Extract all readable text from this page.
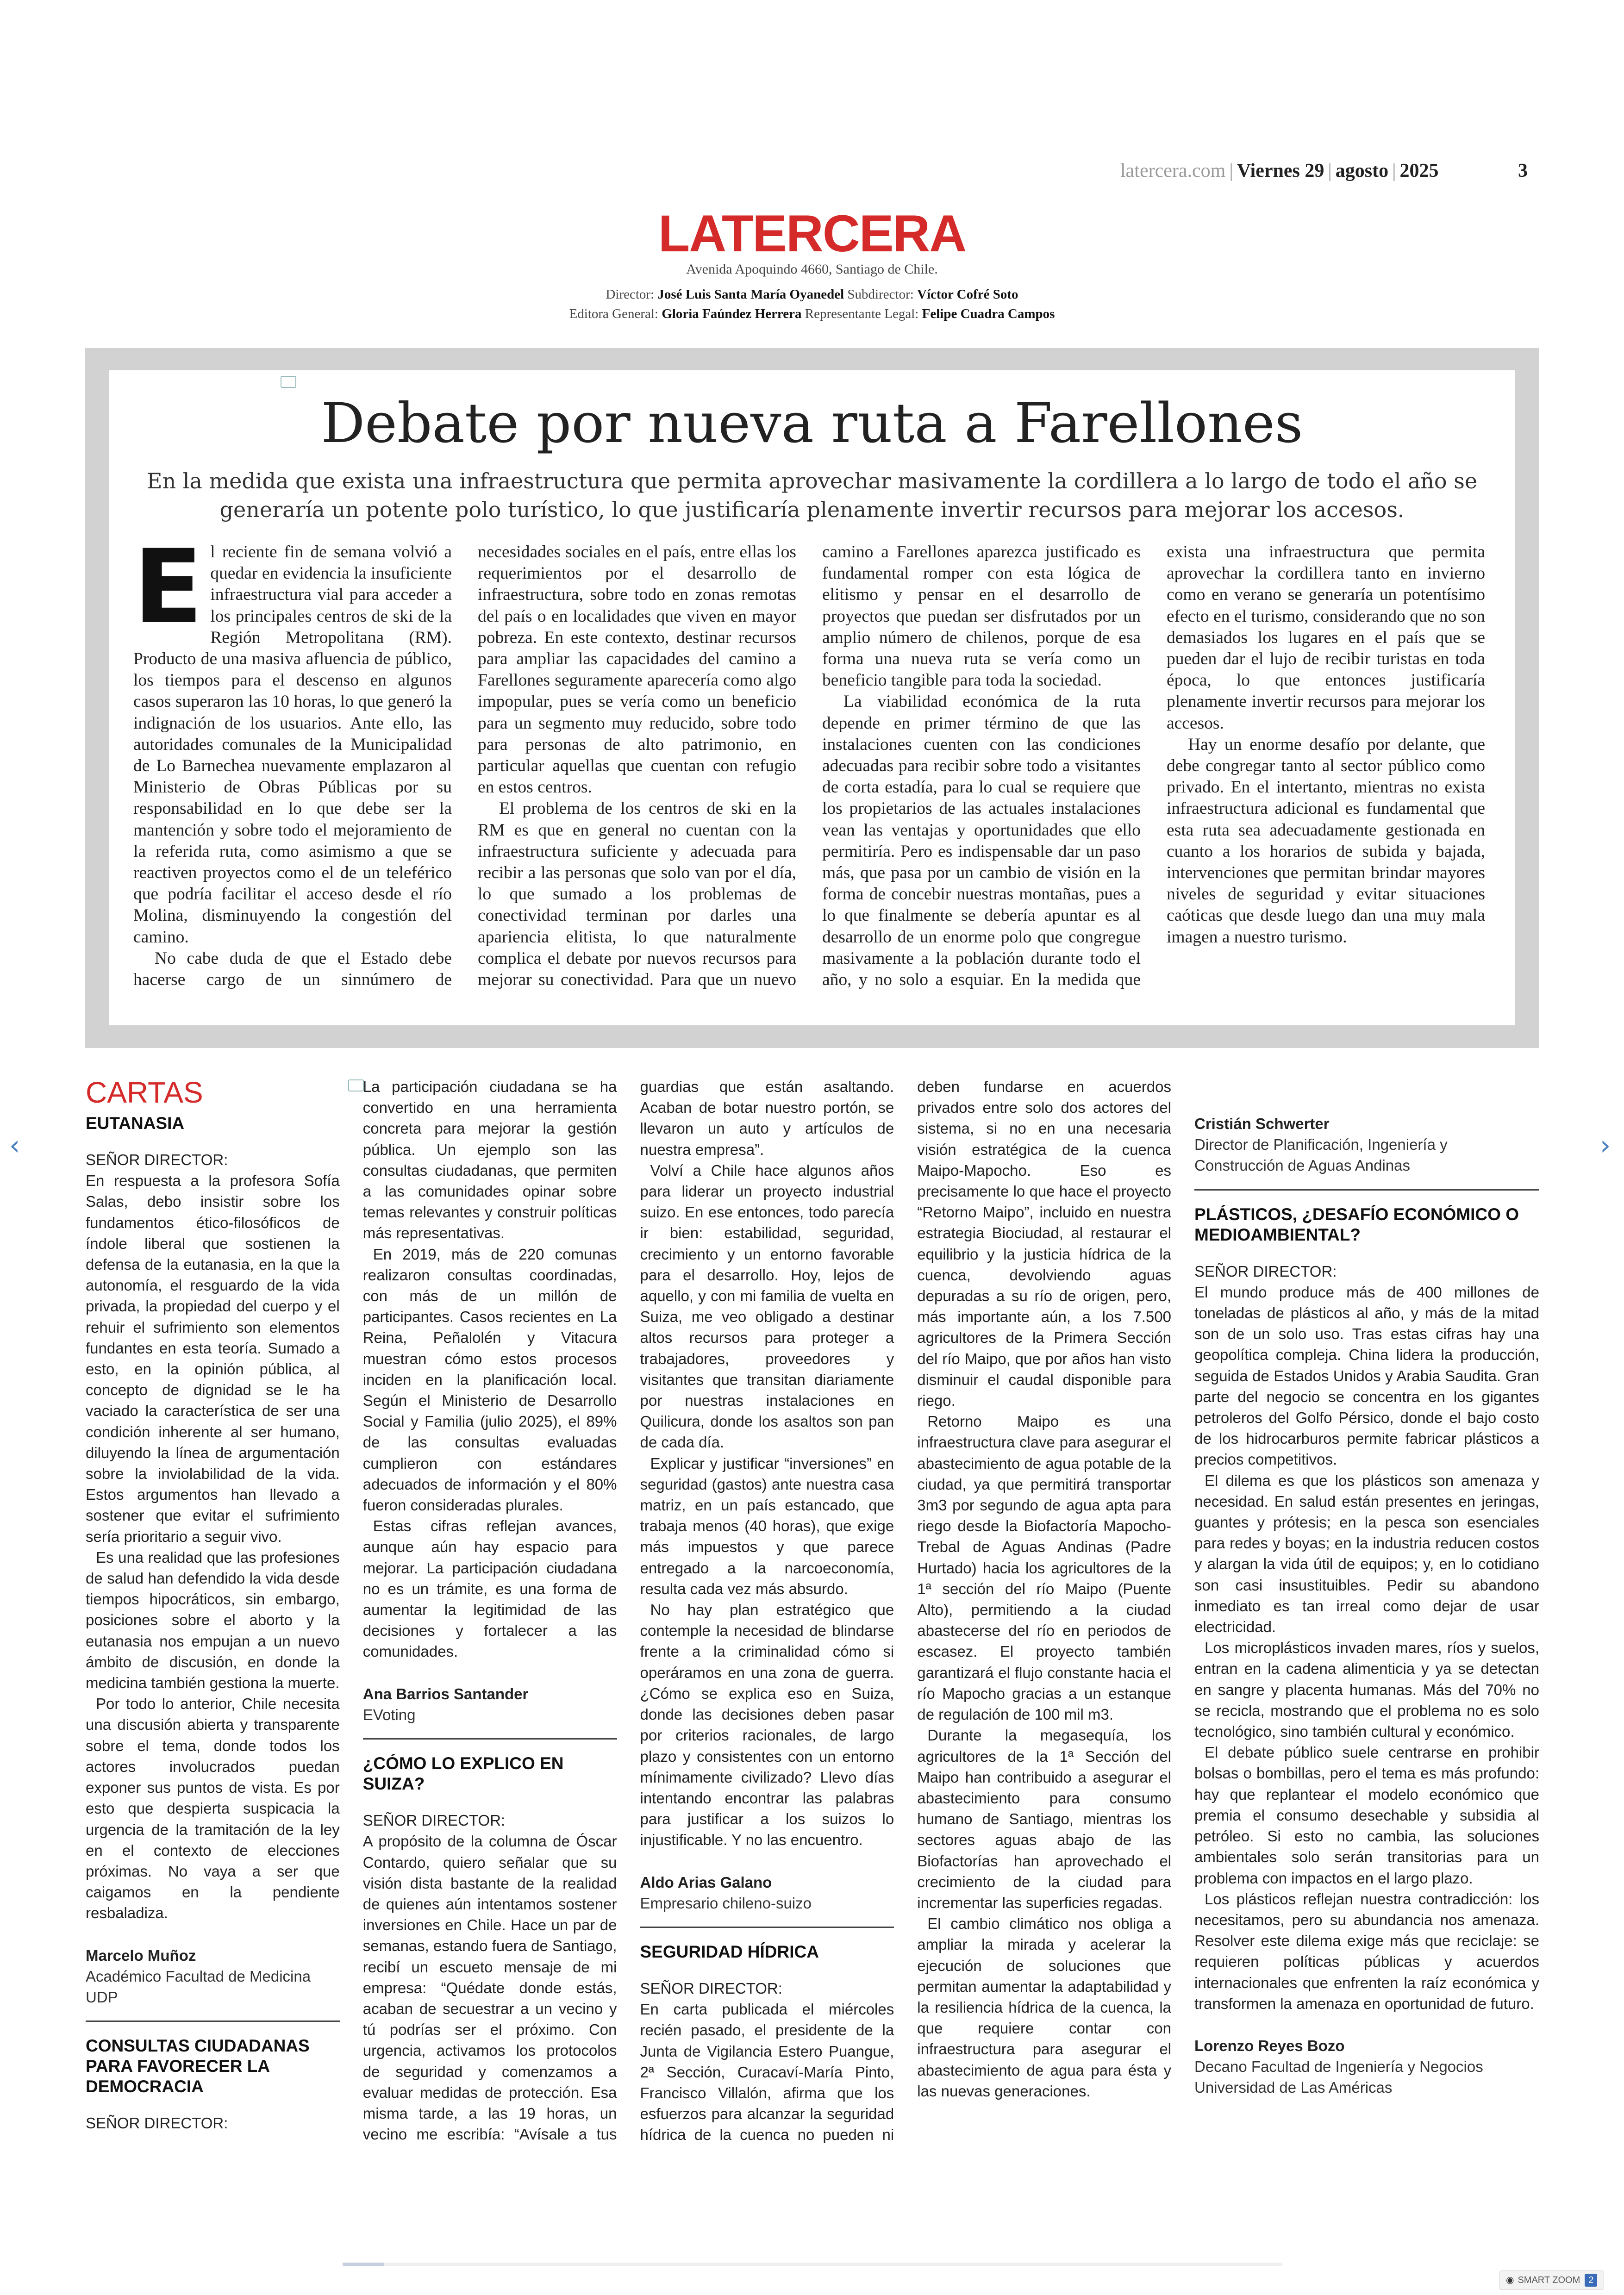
latercera.com | Viernes 29 | agosto | 2025	3
LATERCERA
Avenida Apoquindo 4660, Santiago de Chile.
Director: José Luis Santa María Oyanedel Subdirector: Víctor Cofré Soto
Editora General: Gloria Faúndez Herrera Representante Legal: Felipe Cuadra Campos
Debate por nueva ruta a Farellones
En la medida que exista una infraestructura que permita aprovechar masivamente la cordillera a lo largo de todo el año se generaría un potente polo turístico, lo que justificaría plenamente invertir recursos para mejorar los accesos.
E l reciente fin de semana volvió a quedar en evidencia la insuficiente infraestructura vial para acceder a los principales centros de ski de la Región Metropolitana (RM). Producto de una masiva afluencia de público, los tiempos para el descenso en algunos casos superaron las 10 horas, lo que generó la indignación de los usuarios. Ante ello, las autoridades comunales de la Municipalidad de Lo Barnechea nuevamente emplazaron al Ministerio de Obras Públicas por su responsabilidad en lo que debe ser la mantención y sobre todo el mejoramiento de la referida ruta, como asimismo a que se reactiven proyectos como el de un teleférico que podría facilitar el acceso desde el río Molina, disminuyendo la congestión del camino.

No cabe duda de que el Estado debe hacerse cargo de un sinnúmero de necesidades sociales en el país, entre ellas los requerimientos por el desarrollo de infraestructura, sobre todo en zonas remotas del país o en localidades que viven en mayor pobreza. En este contexto, destinar recursos para ampliar las capacidades del camino a Farellones seguramente aparecería como algo impopular, pues se vería como un beneficio para un segmento muy reducido, sobre todo para personas de alto patrimonio, en particular aquellas que cuentan con refugio en estos centros.

El problema de los centros de ski en la RM es que en general no cuentan con la infraestructura suficiente y adecuada para recibir a las personas que solo van por el día, lo que sumado a los problemas de conectividad terminan por darles una apariencia elitista, lo que naturalmente complica el debate por nuevos recursos para mejorar su conectividad. Para que un nuevo camino a Farellones aparezca justificado es fundamental romper con esta lógica de elitismo y pensar en el desarrollo de proyectos que puedan ser disfrutados por un amplio número de chilenos, porque de esa forma una nueva ruta se vería como un beneficio tangible para toda la sociedad.

La viabilidad económica de la ruta depende en primer término de que las instalaciones cuenten con las condiciones adecuadas para recibir sobre todo a visitantes de corta estadía, para lo cual se requiere que los propietarios de las actuales instalaciones vean las ventajas y oportunidades que ello permitiría. Pero es indispensable dar un paso más, que pasa por un cambio de visión en la forma de concebir nuestras montañas, pues a lo que finalmente se debería apuntar es al desarrollo de un enorme polo que congregue masivamente a la población durante todo el año, y no solo a esquiar. En la medida que exista una infraestructura que permita aprovechar la cordillera tanto en invierno como en verano se generaría un potentísimo efecto en el turismo, considerando que no son demasiados los lugares en el país que se pueden dar el lujo de recibir turistas en toda época, lo que entonces justificaría plenamente invertir recursos para mejorar los accesos.

Hay un enorme desafío por delante, que debe congregar tanto al sector público como privado. En el intertanto, mientras no exista infraestructura adicional es fundamental que esta ruta sea adecuadamente gestionada en cuanto a los horarios de subida y bajada, intervenciones que permitan brindar mayores niveles de seguridad y evitar situaciones caóticas que desde luego dan una muy mala imagen a nuestro turismo.

CARTAS
EUTANASIA

SEÑOR DIRECTOR:

En respuesta a la profesora Sofía Salas, debo insistir sobre los fundamentos ético-filosóficos de índole liberal que sostienen la defensa de la eutanasia, en la que la autonomía, el resguardo de la vida privada, la propiedad del cuerpo y el rehuir el sufrimiento son elementos fundantes en esta teoría. Sumado a esto, en la opinión pública, al concepto de dignidad se le ha vaciado la característica de ser una condición inherente al ser humano, diluyendo la línea de argumentación sobre la inviolabilidad de la vida. Estos argumentos han llevado a sostener que evitar el sufrimiento sería prioritario a seguir vivo.

Es una realidad que las profesiones de salud han defendido la vida desde tiempos hipocráticos, sin embargo, posiciones sobre el aborto y la eutanasia nos empujan a un nuevo ámbito de discusión, en donde la medicina también gestiona la muerte.

Por todo lo anterior, Chile necesita una discusión abierta y transparente sobre el tema, donde todos los actores involucrados puedan exponer sus puntos de vista. Es por esto que despierta suspicacia la urgencia de la tramitación de la ley en el contexto de elecciones próximas. No vaya a ser que caigamos en la pendiente resbaladiza.

Marcelo Muñoz

Académico Facultad de Medicina UDP

CONSULTAS CIUDADANAS PARA FAVORECER LA DEMOCRACIA

SEÑOR DIRECTOR:

La participación ciudadana se ha convertido en una herramienta concreta para mejorar la gestión pública. Un ejemplo son las consultas ciudadanas, que permiten a las comunidades opinar sobre temas relevantes y construir políticas más representativas.

En 2019, más de 220 comunas realizaron consultas coordinadas, con más de un millón de participantes. Casos recientes en La Reina, Peñalolén y Vitacura muestran cómo estos procesos inciden en la planificación local. Según el Ministerio de Desarrollo Social y Familia (julio 2025), el 89% de las consultas evaluadas cumplieron con estándares adecuados de información y el 80% fueron consideradas plurales.

Estas cifras reflejan avances, aunque aún hay espacio para mejorar. La participación ciudadana no es un trámite, es una forma de aumentar la legitimidad de las decisiones y fortalecer a las comunidades.

Ana Barrios Santander

EVoting

¿CÓMO LO EXPLICO EN SUIZA?

SEÑOR DIRECTOR:

A propósito de la columna de Óscar Contardo, quiero señalar que su visión dista bastante de la realidad de quienes aún intentamos sostener inversiones en Chile. Hace un par de semanas, estando fuera de Santiago, recibí un escueto mensaje de mi empresa: “Quédate donde estás, acaban de secuestrar a un vecino y tú podrías ser el próximo. Con urgencia, activamos los protocolos de seguridad y comenzamos a evaluar medidas de protección. Esa misma tarde, a las 19 horas, un vecino me escribía: “Avísale a tus guardias que están asaltando. Acaban de botar nuestro portón, se llevaron un auto y artículos de nuestra empresa”.

Volví a Chile hace algunos años para liderar un proyecto industrial suizo. En ese entonces, todo parecía ir bien: estabilidad, seguridad, crecimiento y un entorno favorable para el desarrollo. Hoy, lejos de aquello, y con mi familia de vuelta en Suiza, me veo obligado a destinar altos recursos para proteger a trabajadores, proveedores y visitantes que transitan diariamente por nuestras instalaciones en Quilicura, donde los asaltos son pan de cada día.

Explicar y justificar “inversiones” en seguridad (gastos) ante nuestra casa matriz, en un país estancado, que trabaja menos (40 horas), que exige más impuestos y que parece entregado a la narcoeconomía, resulta cada vez más absurdo.

No hay plan estratégico que contemple la necesidad de blindarse frente a la criminalidad cómo si operáramos en una zona de guerra. ¿Cómo se explica eso en Suiza, donde las decisiones deben pasar por criterios racionales, de largo plazo y consistentes con un entorno mínimamente civilizado? Llevo días intentando encontrar las palabras para justificar a los suizos lo injustificable. Y no las encuentro.

Aldo Arias Galano

Empresario chileno-suizo

SEGURIDAD HÍDRICA

SEÑOR DIRECTOR:

En carta publicada el miércoles recién pasado, el presidente de la Junta de Vigilancia Estero Puangue, 2ª Sección, Curacaví-María Pinto, Francisco Villalón, afirma que los esfuerzos para alcanzar la seguridad hídrica de la cuenca no pueden ni deben fundarse en acuerdos privados entre solo dos actores del sistema, si no en una necesaria visión estratégica de la cuenca Maipo-Mapocho. Eso es precisamente lo que hace el proyecto “Retorno Maipo”, incluido en nuestra estrategia Biociudad, al restaurar el equilibrio y la justicia hídrica de la cuenca, devolviendo aguas depuradas a su río de origen, pero, más importante aún, a los 7.500 agricultores de la Primera Sección del río Maipo, que por años han visto disminuir el caudal disponible para riego.

Retorno Maipo es una infraestructura clave para asegurar el abastecimiento de agua potable de la ciudad, ya que permitirá transportar 3m3 por segundo de agua apta para riego desde la Biofactoría Mapocho-Trebal de Aguas Andinas (Padre Hurtado) hacia los agricultores de la 1ª sección del río Maipo (Puente Alto), permitiendo a la ciudad abastecerse del río en periodos de escasez. El proyecto también garantizará el flujo constante hacia el río Mapocho gracias a un estanque de regulación de 100 mil m3.

Durante la megasequía, los agricultores de la 1ª Sección del Maipo han contribuido a asegurar el abastecimiento para consumo humano de Santiago, mientras los sectores aguas abajo de las Biofactorías han aprovechado el crecimiento de la ciudad para incrementar las superficies regadas.

El cambio climático nos obliga a ampliar la mirada y acelerar la ejecución de soluciones que permitan aumentar la adaptabilidad y la resiliencia hídrica de la cuenca, la que requiere contar con infraestructura para asegurar el abastecimiento de agua para ésta y las nuevas generaciones.

Cristián Schwerter

Director de Planificación, Ingeniería y Construcción de Aguas Andinas

PLÁSTICOS, ¿DESAFÍO ECONÓMICO O MEDIOAMBIENTAL?

SEÑOR DIRECTOR:

El mundo produce más de 400 millones de toneladas de plásticos al año, y más de la mitad son de un solo uso. Tras estas cifras hay una geopolítica compleja. China lidera la producción, seguida de Estados Unidos y Arabia Saudita. Gran parte del negocio se concentra en los gigantes petroleros del Golfo Pérsico, donde el bajo costo de los hidrocarburos permite fabricar plásticos a precios competitivos.

El dilema es que los plásticos son amenaza y necesidad. En salud están presentes en jeringas, guantes y prótesis; en la pesca son esenciales para redes y boyas; en la industria reducen costos y alargan la vida útil de equipos; y, en lo cotidiano son casi insustituibles. Pedir su abandono inmediato es tan irreal como dejar de usar electricidad.

Los microplásticos invaden mares, ríos y suelos, entran en la cadena alimenticia y ya se detectan en sangre y placenta humanas. Más del 70% no se recicla, mostrando que el problema no es solo tecnológico, sino también cultural y económico.

El debate público suele centrarse en prohibir bolsas o bombillas, pero el tema es más profundo: hay que replantear el modelo económico que premia el consumo desechable y subsidia al petróleo. Si esto no cambia, las soluciones ambientales solo serán transitorias para un problema con impactos en el largo plazo.

Los plásticos reflejan nuestra contradicción: los necesitamos, pero su abundancia nos amenaza. Resolver este dilema exige más que reciclaje: se requieren políticas públicas y acuerdos internacionales que enfrenten la raíz económica y transformen la amenaza en oportunidad de futuro.

Lorenzo Reyes Bozo

Decano Facultad de Ingeniería y Negocios Universidad de Las Américas

‹	›
◉ SMART ZOOM 2
